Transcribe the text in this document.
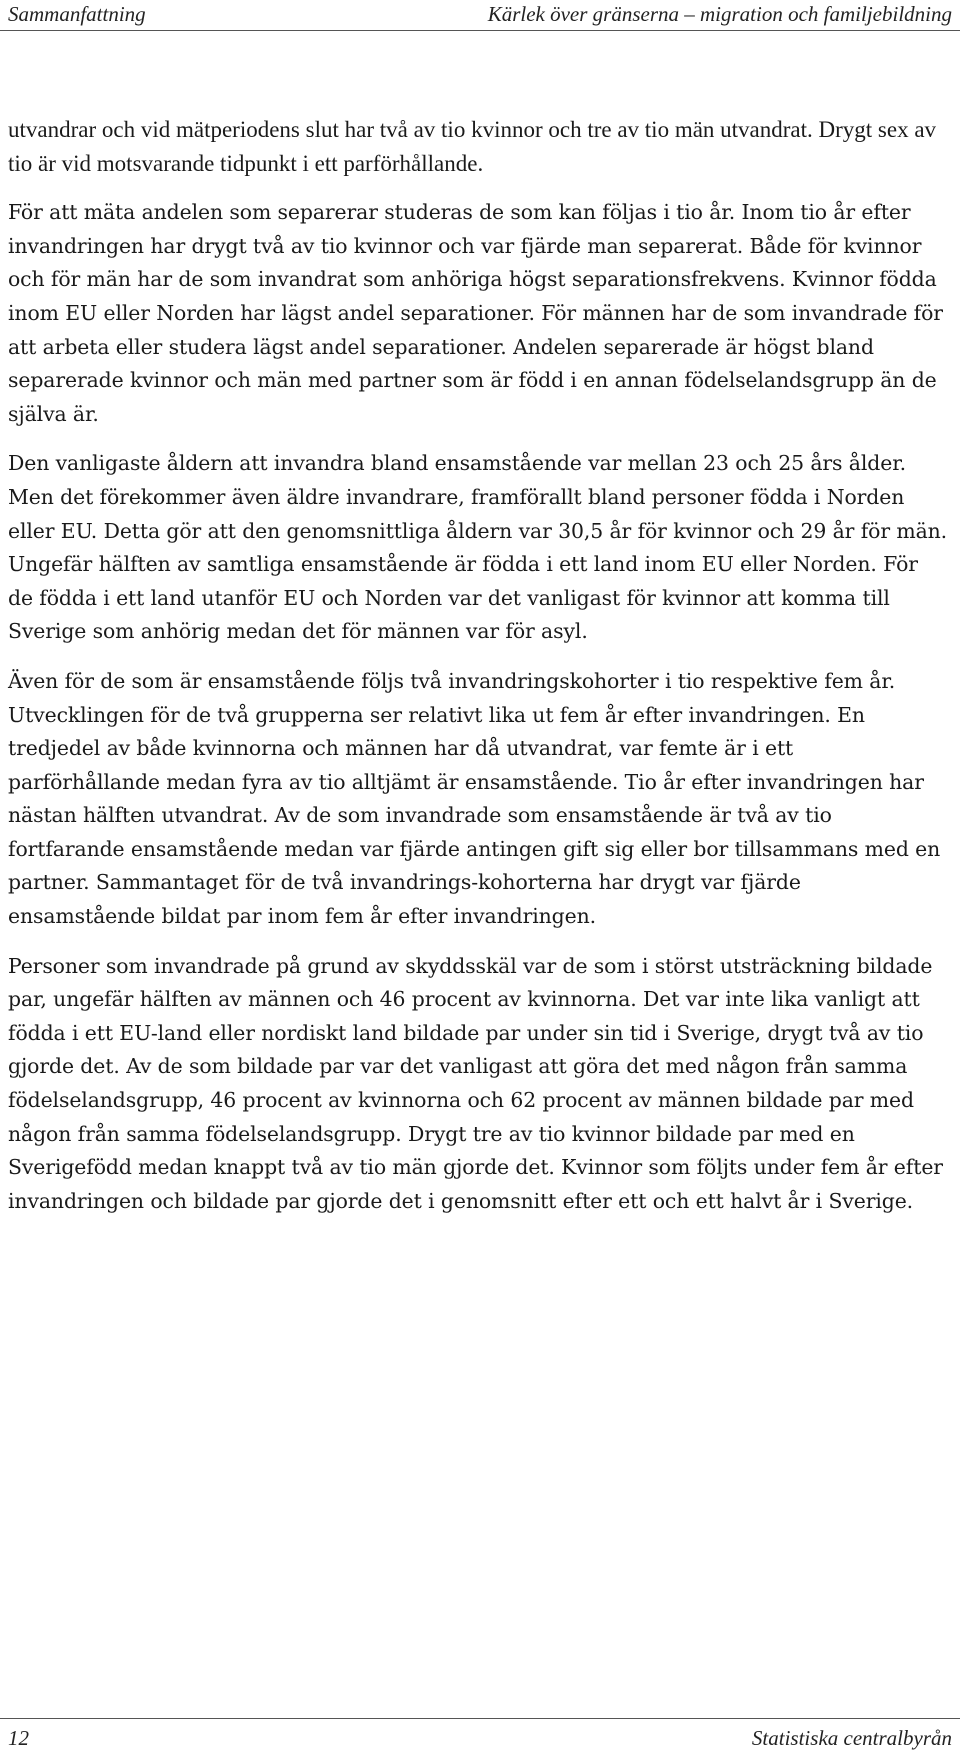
Sammanfattning	Kärlek över gränserna – migration och familjebildning

utvandrar och vid mätperiodens slut har två av tio kvinnor och tre av tio män utvandrat. Drygt sex av tio är vid motsvarande tidpunkt i ett parförhållande.

För att mäta andelen som separerar studeras de som kan följas i tio år. Inom tio år efter invandringen har drygt två av tio kvinnor och var fjärde man separerat. Både för kvinnor och för män har de som invandrat som anhöriga högst separationsfrekvens. Kvinnor födda inom EU eller Norden har lägst andel separationer. För männen har de som invandrade för att arbeta eller studera lägst andel separationer. Andelen separerade är högst bland separerade kvinnor och män med partner som är född i en annan födelselandsgrupp än de själva är.

Den vanligaste åldern att invandra bland ensamstående var mellan 23 och 25 års ålder. Men det förekommer även äldre invandrare, framförallt bland personer födda i Norden eller EU. Detta gör att den genomsnittliga åldern var 30,5 år för kvinnor och 29 år för män. Ungefär hälften av samtliga ensamstående är födda i ett land inom EU eller Norden. För de födda i ett land utanför EU och Norden var det vanligast för kvinnor att komma till Sverige som anhörig medan det för männen var för asyl.

Även för de som är ensamstående följs två invandringskohorter i tio respektive fem år. Utvecklingen för de två grupperna ser relativt lika ut fem år efter invandringen. En tredjedel av både kvinnorna och männen har då utvandrat, var femte är i ett parförhållande medan fyra av tio alltjämt är ensamstående. Tio år efter invandringen har nästan hälften utvandrat. Av de som invandrade som ensamstående är två av tio fortfarande ensamstående medan var fjärde antingen gift sig eller bor tillsammans med en partner. Sammantaget för de två invandrings-kohorterna har drygt var fjärde ensamstående bildat par inom fem år efter invandringen.

Personer som invandrade på grund av skyddsskäl var de som i störst utsträckning bildade par, ungefär hälften av männen och 46 procent av kvinnorna. Det var inte lika vanligt att födda i ett EU-land eller nordiskt land bildade par under sin tid i Sverige, drygt två av tio gjorde det. Av de som bildade par var det vanligast att göra det med någon från samma födelselandsgrupp, 46 procent av kvinnorna och 62 procent av männen bildade par med någon från samma födelselandsgrupp. Drygt tre av tio kvinnor bildade par med en Sverigefödd medan knappt två av tio män gjorde det. Kvinnor som följts under fem år efter invandringen och bildade par gjorde det i genomsnitt efter ett och ett halvt år i Sverige.

12	Statistiska centralbyrån
